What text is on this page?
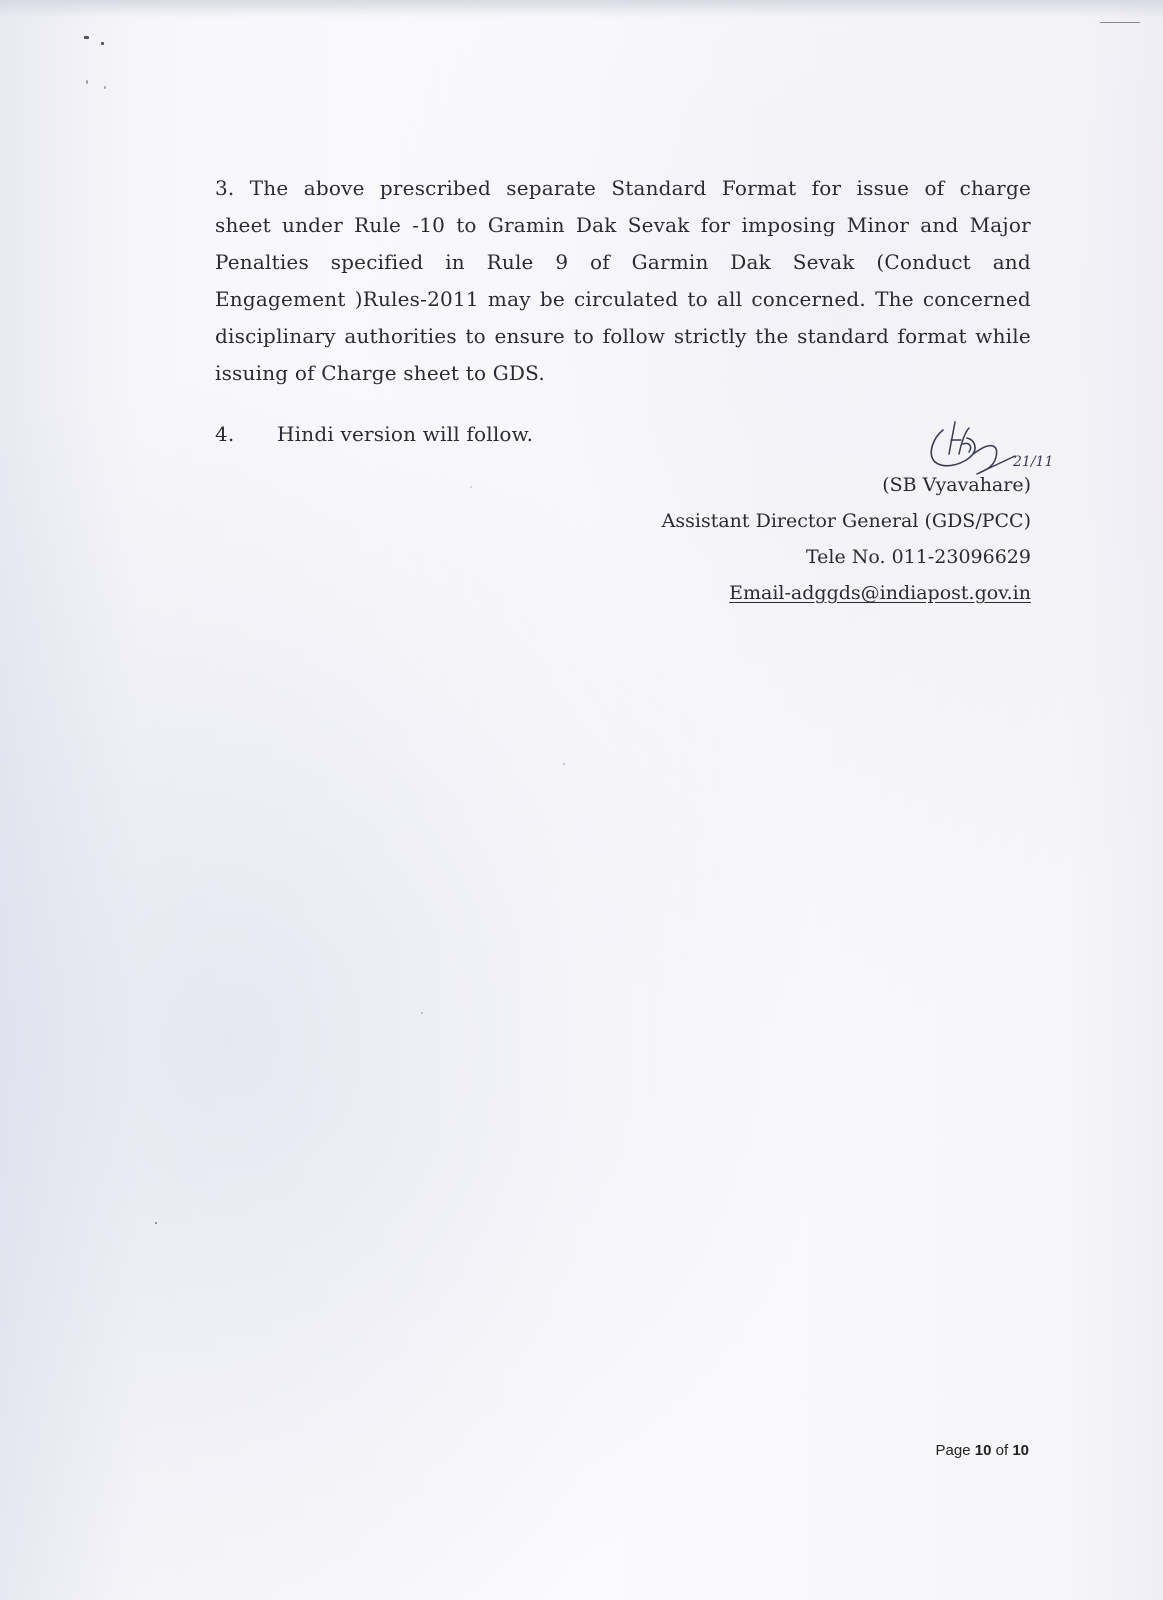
3. The above prescribed separate Standard Format for issue of charge
sheet under Rule -10 to Gramin Dak Sevak for imposing Minor and Major
Penalties specified in Rule 9 of Garmin Dak Sevak (Conduct and
Engagement )Rules-2011 may be circulated to all concerned. The concerned
disciplinary authorities to ensure to follow strictly the standard format while
issuing of Charge sheet to GDS.
4. Hindi version will follow.
21/11
(SB Vyavahare)
Assistant Director General (GDS/PCC)
Tele No. 011-23096629
Email-adggds@indiapost.gov.in
Page 10 of 10
